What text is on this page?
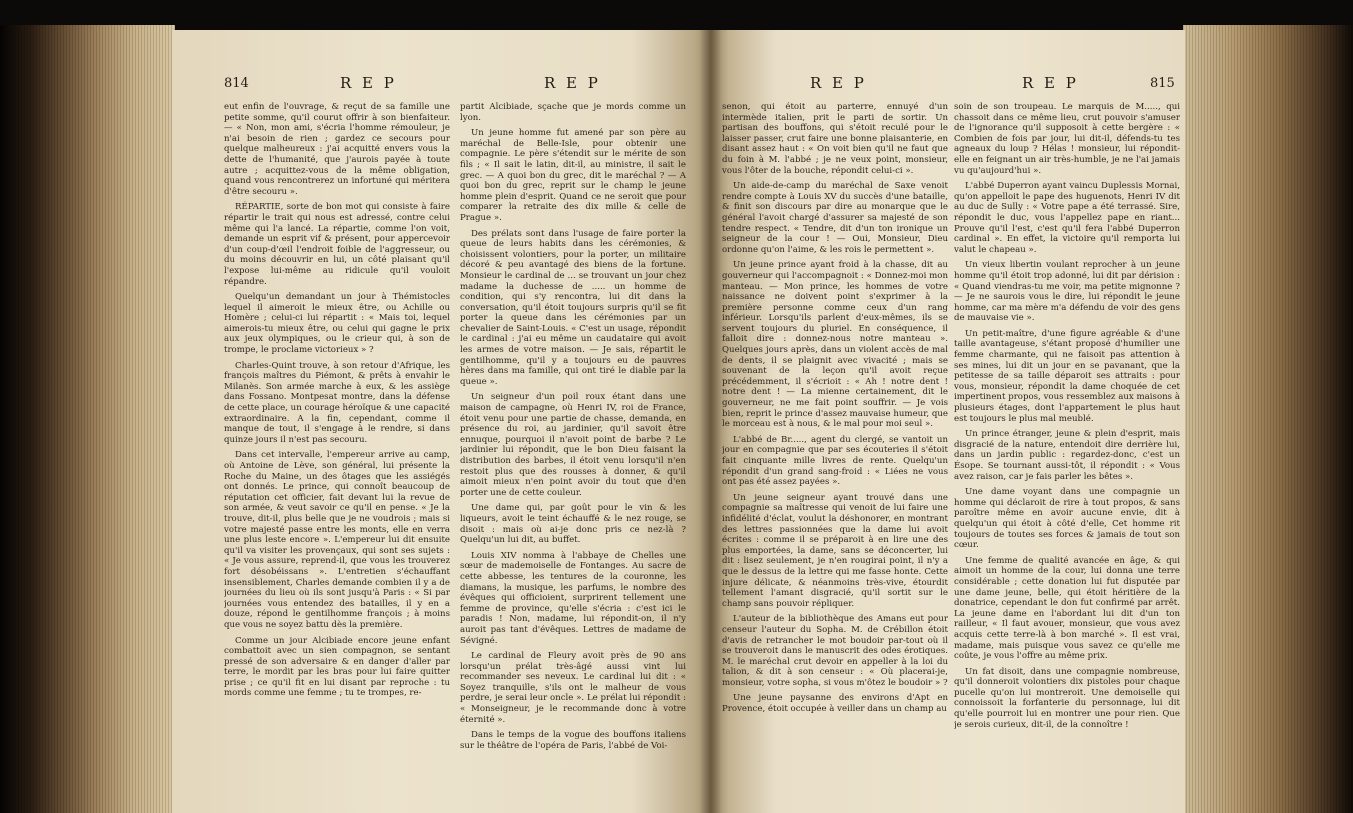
814	R E P	R E P

eut enfin de l'ouvrage, & reçut de sa famille une petite somme, qu'il courut offrir à son bienfaiteur. — « Non, mon ami, s'écria l'homme rémouleur, je n'ai besoin de rien ; gardez ce secours pour quelque malheureux : j'ai acquitté envers vous la dette de l'humanité, que j'aurois payée à toute autre ; acquittez-vous de la même obligation, quand vous rencontrerez un infortuné qui méritera d'être secouru ».

RÉPARTIE, sorte de bon mot qui consiste à faire répartir le trait qui nous est adressé, contre celui même qui l'a lancé. La répartie, comme l'on voit, demande un esprit vif & présent, pour appercevoir d'un coup-d'œil l'endroit foible de l'aggresseur, ou du moins découvrir en lui, un côté plaisant qu'il l'expose lui-même au ridicule qu'il vouloit répandre.

Quelqu'un demandant un jour à Thémistocles lequel il aimeroit le mieux être, ou Achille ou Homère ; celui-ci lui répartit : « Mais toi, lequel aimerois-tu mieux être, ou celui qui gagne le prix aux jeux olympiques, ou le crieur qui, à son de trompe, le proclame victorieux » ?

Charles-Quint trouve, à son retour d'Afrique, les françois maîtres du Piémont, & prêts à envahir le Milanès. Son armée marche à eux, & les assiège dans Fossano. Montpesat montre, dans la défense de cette place, un courage héroïque & une capacité extraordinaire. A la fin, cependant, comme il manque de tout, il s'engage à le rendre, si dans quinze jours il n'est pas secouru.

Dans cet intervalle, l'empereur arrive au camp, où Antoine de Lève, son général, lui présente la Roche du Maine, un des ôtages que les assiégés ont donnés. Le prince, qui connoît beaucoup de réputation cet officier, fait devant lui la revue de son armée, & veut savoir ce qu'il en pense. « Je la trouve, dit-il, plus belle que je ne voudrois ; mais si votre majesté passe entre les monts, elle en verra une plus leste encore ». L'empereur lui dit ensuite qu'il va visiter les provençaux, qui sont ses sujets : « Je vous assure, reprend-il, que vous les trouverez fort désobéissans ». L'entretien s'échauffant insensiblement, Charles demande combien il y a de journées du lieu où ils sont jusqu'à Paris : « Si par journées vous entendez des batailles, il y en a douze, répond le gentilhomme françois ; à moins que vous ne soyez battu dès la première.

Comme un jour Alcibiade encore jeune enfant combattoit avec un sien compagnon, se sentant pressé de son adversaire & en danger d'aller par terre, le mordit par les bras pour lui faire quitter prise ; ce qu'il fit en lui disant par reproche : tu mords comme une femme ; tu te trompes, re-

partit Alcibiade, sçache que je mords comme un lyon.

Un jeune homme fut amené par son père au maréchal de Belle-Isle, pour obtenir une compagnie. Le père s'étendit sur le mérite de son fils ; « Il sait le latin, dit-il, au ministre, il sait le grec. — A quoi bon du grec, dit le maréchal ? — A quoi bon du grec, reprit sur le champ le jeune homme plein d'esprit. Quand ce ne seroit que pour comparer la retraite des dix mille & celle de Prague ».

Des prélats sont dans l'usage de faire porter la queue de leurs habits dans les cérémonies, & choisissent volontiers, pour la porter, un militaire décoré & peu avantagé des biens de la fortune. Monsieur le cardinal de ... se trouvant un jour chez madame la duchesse de ..... un homme de condition, qui s'y rencontra, lui dit dans la conversation, qu'il étoit toujours surpris qu'il se fit porter la queue dans les cérémonies par un chevalier de Saint-Louis. « C'est un usage, répondit le cardinal : j'ai eu même un caudataire qui avoit les armes de votre maison. — Je sais, répartit le gentilhomme, qu'il y a toujours eu de pauvres hères dans ma famille, qui ont tiré le diable par la queue ».

Un seigneur d'un poil roux étant dans une maison de campagne, où Henri IV, roi de France, étoit venu pour une partie de chasse, demanda, en présence du roi, au jardinier, qu'il savoit être ennuque, pourquoi il n'avoit point de barbe ? Le jardinier lui répondit, que le bon Dieu faisant la distribution des barbes, il étoit venu lorsqu'il n'en restoit plus que des rousses à donner, & qu'il aimoit mieux n'en point avoir du tout que d'en porter une de cette couleur.

Une dame qui, par goût pour le vin & les liqueurs, avoit le teint échauffé & le nez rouge, se disoit : mais où ai-je donc pris ce nez-là ? Quelqu'un lui dit, au buffet.

Louis XIV nomma à l'abbaye de Chelles une sœur de mademoiselle de Fontanges. Au sacre de cette abbesse, les tentures de la couronne, les diamans, la musique, les parfums, le nombre des évêques qui officioient, surprirent tellement une femme de province, qu'elle s'écria : c'est ici le paradis ! Non, madame, lui répondit-on, il n'y auroit pas tant d'évêques. Lettres de madame de Sévigné.

Le cardinal de Fleury avoit près de 90 ans lorsqu'un prélat très-âgé aussi vint lui recommander ses neveux. Le cardinal lui dit : « Soyez tranquille, s'ils ont le malheur de vous perdre, je serai leur oncle ». Le prélat lui répondit : « Monseigneur, je le recommande donc à votre éternité ».

Dans le temps de la vogue des bouffons italiens sur le théâtre de l'opéra de Paris, l'abbé de Voi-

R E P	R E P	815

senon, qui étoit au parterre, ennuyé d'un intermède italien, prit le parti de sortir. Un partisan des bouffons, qui s'étoit reculé pour le laisser passer, crut faire une bonne plaisanterie, en disant assez haut : « On voit bien qu'il ne faut que du foin à M. l'abbé ; je ne veux point, monsieur, vous l'ôter de la bouche, répondit celui-ci ».

Un aide-de-camp du maréchal de Saxe venoit rendre compte à Louis XV du succès d'une bataille, & finit son discours par dire au monarque que le général l'avoit chargé d'assurer sa majesté de son tendre respect. « Tendre, dit d'un ton ironique un seigneur de la cour ! — Oui, Monsieur, Dieu ordonne qu'on l'aime, & les rois le permettent ».

Un jeune prince ayant froid à la chasse, dit au gouverneur qui l'accompagnoit : « Donnez-moi mon manteau. — Mon prince, les hommes de votre naissance ne doivent point s'exprimer à la première personne comme ceux d'un rang inférieur. Lorsqu'ils parlent d'eux-mêmes, ils se servent toujours du pluriel. En conséquence, il falloit dire : donnez-nous notre manteau ». Quelques jours après, dans un violent accès de mal de dents, il se plaignit avec vivacité ; mais se souvenant de la leçon qu'il avoit reçue précédemment, il s'écrioit : « Ah ! notre dent ! notre dent ! — La mienne certainement, dit le gouverneur, ne me fait point souffrir. — Je vois bien, reprit le prince d'assez mauvaise humeur, que le morceau est à nous, & le mal pour moi seul ».

L'abbé de Br....., agent du clergé, se vantoit un jour en compagnie que par ses écouteries il s'étoit fait cinquante mille livres de rente. Quelqu'un répondit d'un grand sang-froid : « Liées ne vous ont pas été assez payées ».

Un jeune seigneur ayant trouvé dans une compagnie sa maîtresse qui venoit de lui faire une infidélité d'éclat, voulut la déshonorer, en montrant des lettres passionnées que la dame lui avoit écrites : comme il se préparoit à en lire une des plus emportées, la dame, sans se déconcerter, lui dit : lisez seulement, je n'en rougirai point, il n'y a que le dessus de la lettre qui me fasse honte. Cette injure délicate, & néanmoins très-vive, étourdit tellement l'amant disgracié, qu'il sortit sur le champ sans pouvoir répliquer.

L'auteur de la bibliothèque des Amans eut pour censeur l'auteur du Sopha. M. de Crébillon étoit d'avis de retrancher le mot boudoir par-tout où il se trouveroit dans le manuscrit des odes érotiques. M. le maréchal crut devoir en appeller à la loi du talion, & dit à son censeur : « Où placerai-je, monsieur, votre sopha, si vous m'ôtez le boudoir » ?

Une jeune paysanne des environs d'Apt en Provence, étoit occupée à veiller dans un champ au

soin de son troupeau. Le marquis de M....., qui chassoit dans ce même lieu, crut pouvoir s'amuser de l'ignorance qu'il supposoit à cette bergère : « Combien de fois par jour, lui dit-il, défends-tu tes agneaux du loup ? Hélas ! monsieur, lui répondit-elle en feignant un air très-humble, je ne l'ai jamais vu qu'aujourd'hui ».

L'abbé Duperron ayant vaincu Duplessis Mornai, qu'on appelloit le pape des huguenots, Henri IV dit au duc de Sully : « Votre pape a été terrassé. Sire, répondit le duc, vous l'appellez pape en riant... Prouve qu'il l'est, c'est qu'il fera l'abbé Duperron cardinal ». En effet, la victoire qu'il remporta lui valut le chapeau ».

Un vieux libertin voulant reprocher à un jeune homme qu'il étoit trop adonné, lui dit par dérision : « Quand viendras-tu me voir, ma petite mignonne ? — Je ne saurois vous le dire, lui répondit le jeune homme, car ma mère m'a défendu de voir des gens de mauvaise vie ».

Un petit-maître, d'une figure agréable & d'une taille avantageuse, s'étant proposé d'humilier une femme charmante, qui ne faisoit pas attention à ses mines, lui dit un jour en se pavanant, que la petitesse de sa taille déparoit ses attraits : pour vous, monsieur, répondit la dame choquée de cet impertinent propos, vous ressemblez aux maisons à plusieurs étages, dont l'appartement le plus haut est toujours le plus mal meublé.

Un prince étranger, jeune & plein d'esprit, mais disgracié de la nature, entendoit dire derrière lui, dans un jardin public : regardez-donc, c'est un Ésope. Se tournant aussi-tôt, il répondit : « Vous avez raison, car je fais parler les bêtes ».

Une dame voyant dans une compagnie un homme qui déclaroit de rire à tout propos, & sans paroître même en avoir aucune envie, dit à quelqu'un qui étoit à côté d'elle, Cet homme rit toujours de toutes ses forces & jamais de tout son cœur.

Une femme de qualité avancée en âge, & qui aimoit un homme de la cour, lui donna une terre considérable ; cette donation lui fut disputée par une dame jeune, belle, qui étoit héritière de la donatrice, cependant le don fut confirmé par arrêt. La jeune dame en l'abordant lui dit d'un ton railleur, « Il faut avouer, monsieur, que vous avez acquis cette terre-là à bon marché ». Il est vrai, madame, mais puisque vous savez ce qu'elle me coûte, je vous l'offre au même prix.

Un fat disoit, dans une compagnie nombreuse, qu'il donneroit volontiers dix pistoles pour chaque pucelle qu'on lui montreroit. Une demoiselle qui connoissoit la forfanterie du personnage, lui dit qu'elle pourroit lui en montrer une pour rien. Que je serois curieux, dit-il, de la connoître !
